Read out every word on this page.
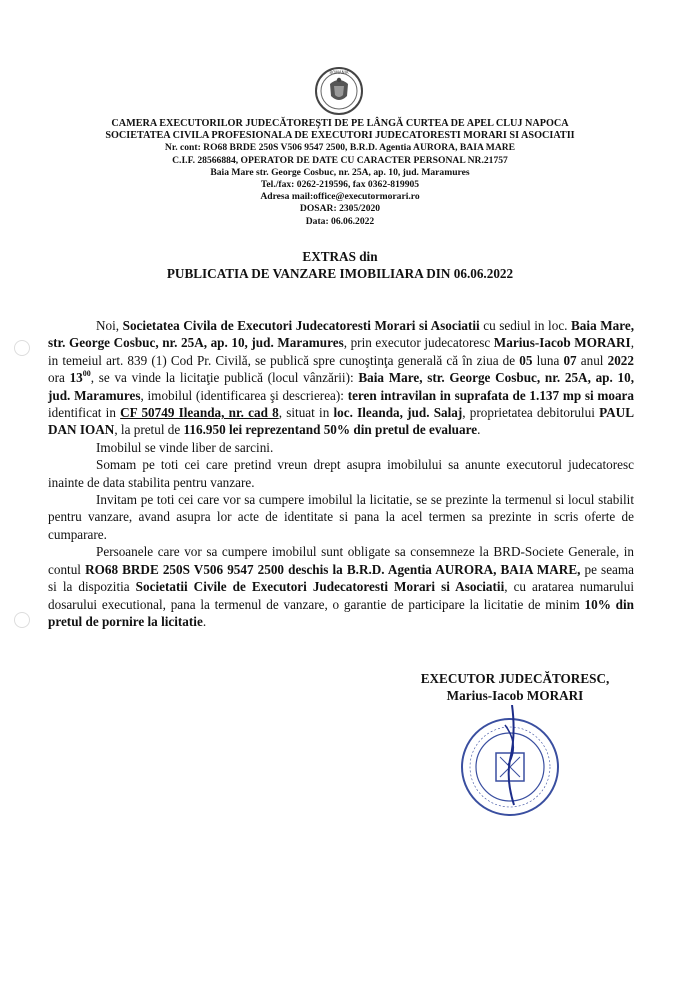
ROMANIA
CAMERA EXECUTORILOR JUDECĂTOREŞTI DE PE LÂNGĂ CURTEA DE APEL CLUJ NAPOCA
SOCIETATEA CIVILA PROFESIONALA DE EXECUTORI JUDECATORESTI MORARI SI ASOCIATII
Nr. cont: RO68 BRDE 250S V506 9547 2500, B.R.D. Agentia AURORA, BAIA MARE
C.I.F. 28566884, OPERATOR DE DATE CU CARACTER PERSONAL NR.21757
Baia Mare str. George Cosbuc, nr. 25A, ap. 10, jud. Maramures
Tel./fax: 0262-219596, fax 0362-819905
Adresa mail:office@executormorari.ro
DOSAR: 2305/2020
Data: 06.06.2022
EXTRAS din
PUBLICATIA DE VANZARE IMOBILIARA DIN 06.06.2022

Noi, Societatea Civila de Executori Judecatoresti Morari si Asociatii cu sediul in loc. Baia Mare, str. George Cosbuc, nr. 25A, ap. 10, jud. Maramures, prin executor judecatoresc Marius-Iacob MORARI, in temeiul art. 839 (1) Cod Pr. Civilă, se publică spre cunoştinţa generală că în ziua de 05 luna 07 anul 2022 ora $13^{00}$, se va vinde la licitaţie publică (locul vânzării): Baia Mare, str. George Cosbuc, nr. 25A, ap. 10, jud. Maramures, imobilul (identificarea şi descrierea): teren intravilan in suprafata de 1.137 mp si moara identificat in CF 50749 Ileanda, nr. cad 8, situat in loc. Ileanda, jud. Salaj, proprietatea debitorului PAUL DAN IOAN, la pretul de 116.950 lei reprezentand 50% din pretul de evaluare.

Imobilul se vinde liber de sarcini.

Somam pe toti cei care pretind vreun drept asupra imobilului sa anunte executorul judecatoresc inainte de data stabilita pentru vanzare.

Invitam pe toti cei care vor sa cumpere imobilul la licitatie, se se prezinte la termenul si locul stabilit pentru vanzare, avand asupra lor acte de identitate si pana la acel termen sa prezinte in scris oferte de cumparare.

Persoanele care vor sa cumpere imobilul sunt obligate sa consemneze la BRD-Societe Generale, in contul RO68 BRDE 250S V506 9547 2500 deschis la B.R.D. Agentia AURORA, BAIA MARE, pe seama si la dispozitia Societatii Civile de Executori Judecatoresti Morari si Asociatii, cu aratarea numarului dosarului executional, pana la termenul de vanzare, o garantie de participare la licitatie de minim 10% din pretul de pornire la licitatie.

EXECUTOR JUDECĂTORESC,
Marius-Iacob MORARI
